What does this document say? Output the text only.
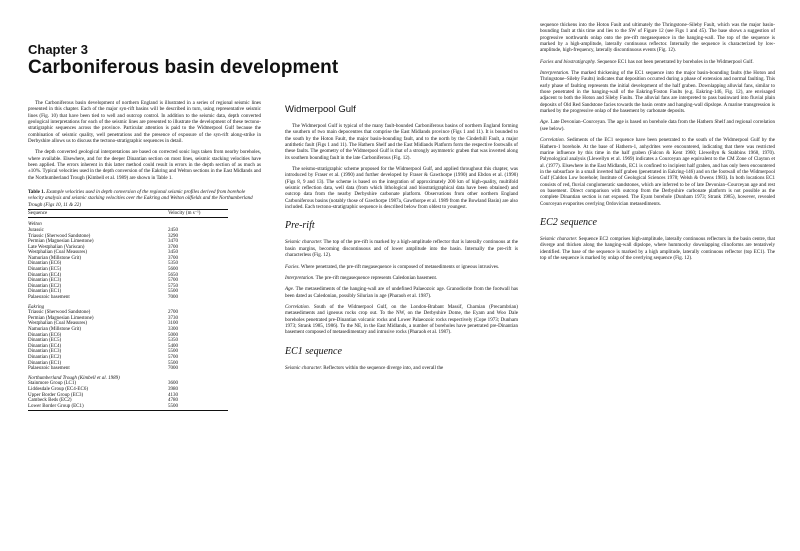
Chapter 3
Carboniferous basin development

The Carboniferous basin development of northern England is illustrated in a series of regional seismic lines presented in this chapter. Each of the major syn-rift basins will be described in turn, using representative seismic lines (Fig. 10) that have been tied to well and outcrop control. In addition to the seismic data, depth converted geological interpretations for each of the seismic lines are presented to illustrate the development of these tectono-stratigraphic sequences across the province. Particular attention is paid to the Widmerpool Gulf because the combination of seismic quality, well penetrations and the presence of exposure of the syn-rift along-strike in Derbyshire allows us to discuss the tectono-stratigraphic sequences in detail.

The depth converted geological interpretations are based on corrected sonic logs taken from nearby boreholes, where available. Elsewhere, and for the deeper Dinantian section on most lines, seismic stacking velocities have been applied. The errors inherent in this latter method could result in errors in the depth section of as much as ±10%. Typical velocities used in the depth conversion of the Eakring and Welton sections in the East Midlands and the Northumberland Trough (Kimbell et al. 1989) are shown in Table 1.

Table 1. Example velocities used in depth conversion of the regional seismic profiles derived from borehole velocity analysis and seismic stacking velocities over the Eakring and Welton oilfields and the Northumberland Trough (Figs 10, 11 & 22)
Sequence	Velocity (m s⁻¹)
Welton	
Jurassic	2450
Triassic (Sherwood Sandstone)	3290
Permian (Magnesian Limestone)	3470
Late Westphalian (Variscan)	3700
Westphalian (Coal Measures)	3450
Namurian (Millstone Grit)	3700
Dinantian (EC6)	5350
Dinantian (EC5)	5600
Dinantian (EC4)	5650
Dinantian (EC3)	5700
Dinantian (EC2)	5750
Dinantian (EC1)	5500
Palaeozoic basement	7000
Eakring	
Triassic (Sherwood Sandstone)	2700
Permian (Magnesian Limestone)	3730
Westphalian (Coal Measures)	3100
Namurian (Millstone Grit)	3300
Dinantian (EC6)	5000
Dinantian (EC5)	5350
Dinantian (EC4)	5400
Dinantian (EC3)	5500
Dinantian (EC2)	5700
Dinantian (EC1)	5500
Palaeozoic basement	7000
Northumberland Trough (Kimbell et al. 1989)	
Stainmore Group (LC1)	3600
Liddesdale Group (EC4-EC6)	3980
Upper Border Group (EC3)	4130
Cambeck Beds (EC2)	4780
Lower Border Group (EC1)	5500
Widmerpool Gulf

The Widmerpool Gulf is typical of the many fault-bounded Carboniferous basins of northern England forming the southern of two main depocentres that comprise the East Midlands province (Figs 1 and 11). It is bounded to the south by the Hoton Fault, the major basin-bounding fault, and to the north by the Cinderhill Fault, a major antithetic fault (Figs 1 and 11). The Hathern Shelf and the East Midlands Platform form the respective footwalls of these faults. The geometry of the Widmerpool Gulf is that of a strongly asymmetric graben that was inverted along its southern bounding fault in the late Carboniferous (Fig. 12).

The seismo-stratigraphic scheme proposed for the Widmerpool Gulf, and applied throughout this chapter, was introduced by Fraser et al. (1990) and further developed by Fraser & Gawthorpe (1990) and Ebdon et al. (1990) (Figs 8, 9 and 13). The scheme is based on the integration of approximately 200 km of high-quality, multifold seismic reflection data, well data (from which lithological and biostratigraphical data have been obtained) and outcrop data from the nearby Derbyshire carbonate platform. Observations from other northern England Carboniferous basins (notably those of Gawthorpe 1987a, Gawthorpe et al. 1989 from the Bowland Basin) are also included. Each tectono-stratigraphic sequence is described below from oldest to youngest.

Pre-rift

Seismic character. The top of the pre-rift is marked by a high-amplitude reflector that is laterally continuous at the basin margins, becoming discontinuous and of lower amplitude into the basin. Internally the pre-rift is characterless (Fig. 12).

Facies. Where penetrated, the pre-rift megasequence is composed of metasediments or igneous intrusives.

Interpretation. The pre-rift megasequence represents Caledonian basement.

Age. The metasediments of the hanging-wall are of undefined Palaeozoic age. Granodiorite from the footwall has been dated as Caledonian, possibly Silurian in age (Pharaoh et al. 1987).

Correlation. South of the Widmerpool Gulf, on the London-Brabant Massif, Charnian (Precambrian) metasediments and igneous rocks crop out. To the NW, on the Derbyshire Dome, the Eyam and Woo Dale boreholes penetrated pre-Dinantian volcanic rocks and Lower Palaeozoic rocks respectively (Cope 1973; Dunham 1973; Strank 1985, 1986). To the NE, in the East Midlands, a number of boreholes have penetrated pre-Dinantian basement composed of metasedimentary and intrusive rocks (Pharaoh et al. 1987).

EC1 sequence

Seismic character. Reflectors within the sequence diverge into, and overall the

sequence thickens into the Hoton Fault and ultimately the Thringstone–Sileby Fault, which was the major basin-bounding fault at this time and lies to the SW of Figure 12 (see Figs 1 and 45). The base shows a suggestion of progressive northwards onlap onto the pre-rift megasequence in the hanging-wall. The top of the sequence is marked by a high-amplitude, laterally continuous reflector. Internally the sequence is characterized by low-amplitude, high-frequency, laterally discontinuous events (Fig. 12).

Facies and biostratigraphy. Sequence EC1 has not been penetrated by boreholes in the Widmerpool Gulf.

Interpretation. The marked thickening of the EC1 sequence into the major basin-bounding faults (the Hoton and Thringstone–Sileby Faults) indicates that deposition occurred during a phase of extension and normal faulting. This early phase of faulting represents the initial development of the half graben. Downlapping alluvial fans, similar to those penetrated in the hanging-wall of the Eakring/Foston Faults (e.g. Eakring-146, Fig. 12), are envisaged adjacent to both the Hoton and Sileby Faults. The alluvial fans are interpreted to pass basinward into fluvial plain deposits of Old Red Sandstone facies towards the basin centre and hanging-wall dipslope. A marine transgression is marked by the progressive onlap of the basement by carbonate deposits.

Age. Late Devonian–Courceyan. The age is based on borehole data from the Hathern Shelf and regional correlation (see below).

Correlation. Sediments of the EC1 sequence have been penetrated to the south of the Widmerpool Gulf by the Hathern-1 borehole. At the base of Hathern-1, anhydrites were encountered, indicating that there was restricted marine influence by this time in the half graben (Falcon & Kent 1960; Llewellyn & Stabbins 1968, 1970). Palynological analysis (Llewellyn et al. 1969) indicates a Courceyan age equivalent to the CM Zone of Clayton et al. (1977). Elsewhere in the East Midlands, EC1 is confined to incipient half graben, and has only been encountered in the subsurface in a small inverted half graben (penetrated in Eakring-146) and on the footwall of the Widmerpool Gulf (Caldon Low borehole; Institute of Geological Sciences 1978; Welsh & Owens 1983). In both locations EC1 consists of red, fluvial conglomeratic sandstones, which are inferred to be of late Devonian–Courceyan age and rest on basement. Direct comparison with outcrop from the Derbyshire carbonate platform is not possible as the complete Dinantian section is not exposed. The Eyam borehole (Dunham 1973; Strank 1985), however, revealed Courceyan evaporites overlying Ordovician metasediments.

EC2 sequence

Seismic character. Sequence EC2 comprises high-amplitude, laterally continuous reflectors in the basin centre, that diverge and thicken along the hanging-wall dipslope, where hummocky downlapping clinoforms are tentatively identified. The base of the sequence is marked by a high amplitude, laterally continuous reflector (top EC1). The top of the sequence is marked by onlap of the overlying sequence (Fig. 12).
